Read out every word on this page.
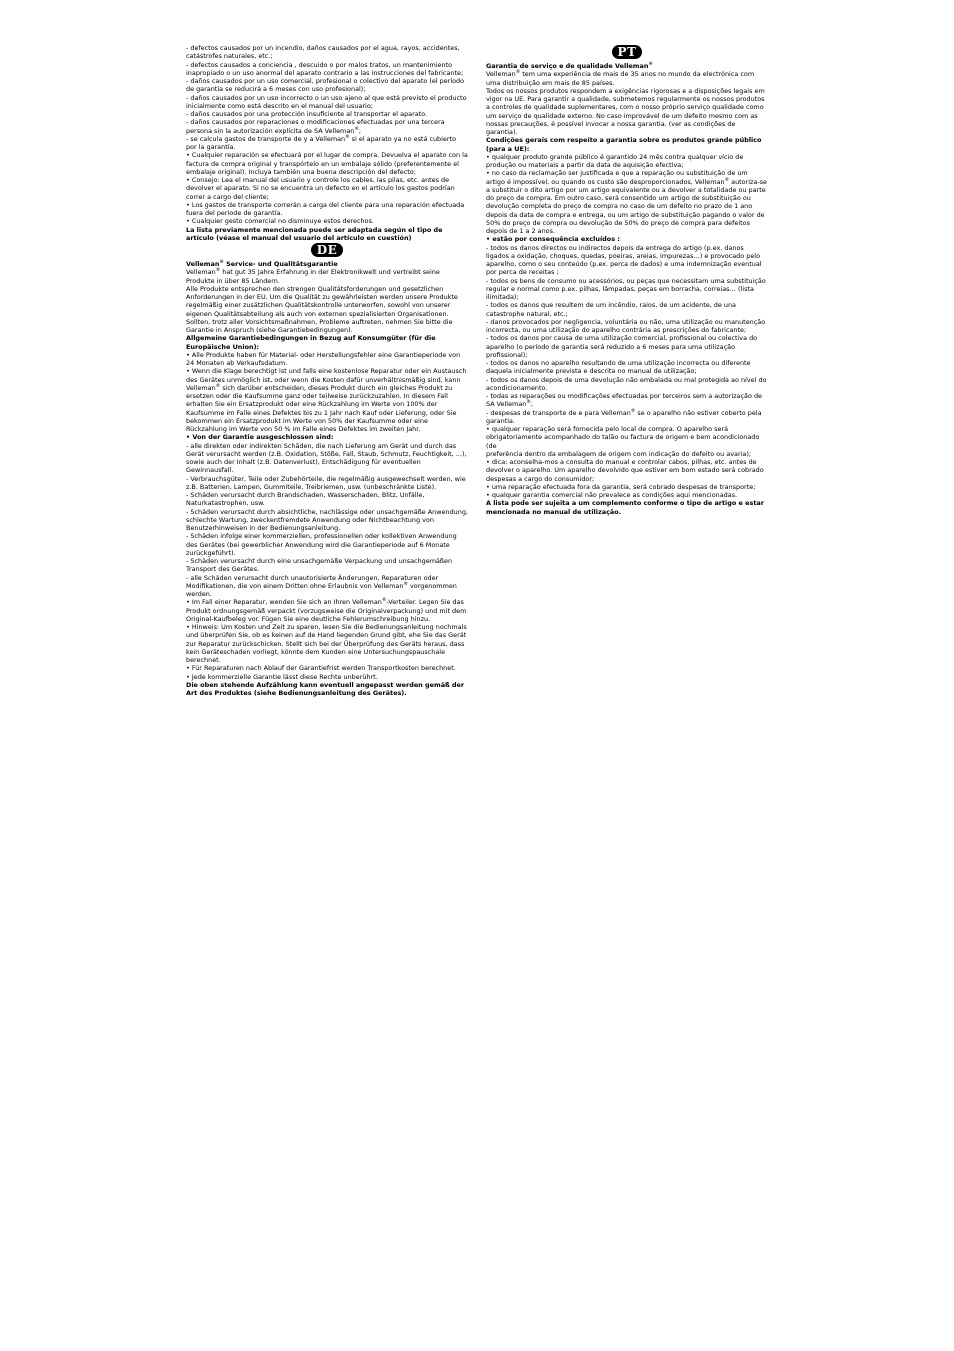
- defectos causados por un incendio, daños causados por el agua, rayos, accidentes, catástrofes naturales, etc.;

- defectos causados a conciencia , descuido o por malos tratos, un mantenimiento inapropiado o un uso anormal del aparato contrario a las instrucciones del fabricante;

- daños causados por un uso comercial, profesional o colectivo del aparato (el período de garantía se reducirá a 6 meses con uso profesional);

- daños causados por un uso incorrecto o un uso ajeno al que está previsto el producto inicialmente como está descrito en el manual del usuario;

- daños causados por una protección insuficiente al transportar el aparato.

- daños causados por reparaciones o modificaciones efectuadas por una tercera persona sin la autorización explícita de SA Velleman®;

- se calcula gastos de transporte de y a Velleman® si el aparato ya no está cubierto por la garantía.

• Cualquier reparación se efectuará por el lugar de compra. Devuelva el aparato con la factura de compra original y transpórtelo en un embalaje sólido (preferentemente el embalaje original). Incluya también una buena descripción del defecto;

• Consejo: Lea el manual del usuario y controle los cables, las pilas, etc. antes de devolver el aparato. Si no se encuentra un defecto en el artículo los gastos podrían correr a cargo del cliente;

• Los gastos de transporte correrán a carga del cliente para una reparación efectuada fuera del periode de garantía.

• Cualquier gesto comercial no disminuye estos derechos.

La lista previamente mencionada puede ser adaptada según el tipo de artículo (véase el manual del usuario del artículo en cuestión)

DE

Velleman® Service- und Qualitätsgarantie

Velleman® hat gut 35 Jahre Erfahrung in der Elektronikwelt und vertreibt seine Produkte in über 85 Ländern.

Alle Produkte entsprechen den strengen Qualitätsforderungen und gesetzlichen Anforderungen in der EU. Um die Qualität zu gewährleisten werden unsere Produkte regelmäßig einer zusätzlichen Qualitätskontrolle unterworfen, sowohl von unserer eigenen Qualitätsabteilung als auch von externen spezialisierten Organisationen. Sollten, trotz aller Vorsichtsmaßnahmen, Probleme auftreten, nehmen Sie bitte die Garantie in Anspruch (siehe Garantiebedingungen).

Allgemeine Garantiebedingungen in Bezug auf Konsumgüter (für die Europäische Union):

• Alle Produkte haben für Material- oder Herstellungsfehler eine Garantieperiode von 24 Monaten ab Verkaufsdatum.

• Wenn die Klage berechtigt ist und falls eine kostenlose Reparatur oder ein Austausch des Gerätes unmöglich ist, oder wenn die Kosten dafür unverhältnismäßig sind, kann Velleman® sich darüber entscheiden, dieses Produkt durch ein gleiches Produkt zu ersetzen oder die Kaufsumme ganz oder teilweise zurückzuzahlen. In diesem Fall erhalten Sie ein Ersatzprodukt oder eine Rückzahlung im Werte von 100% der Kaufsumme im Falle eines Defektes bis zu 1 Jahr nach Kauf oder Lieferung, oder Sie bekommen ein Ersatzprodukt im Werte von 50% der Kaufsumme oder eine Rückzahlung im Werte von 50 % im Falle eines Defektes im zweiten Jahr.

• Von der Garantie ausgeschlossen sind:

- alle direkten oder indirekten Schäden, die nach Lieferung am Gerät und durch das Gerät verursacht werden (z.B. Oxidation, Stöße, Fall, Staub, Schmutz, Feuchtigkeit, ...), sowie auch der Inhalt (z.B. Datenverlust), Entschädigung für eventuellen Gewinnausfall.

- Verbrauchsgüter, Teile oder Zubehörteile, die regelmäßig ausgewechselt werden, wie z.B. Batterien, Lampen, Gummiteile, Treibriemen, usw. (unbeschränkte Liste).

- Schäden verursacht durch Brandschaden, Wasserschaden, Blitz, Unfälle, Naturkatastrophen, usw.

- Schäden verursacht durch absichtliche, nachlässige oder unsachgemäße Anwendung, schlechte Wartung, zweckentfremdete Anwendung oder Nichtbeachtung von Benutzerhinweisen in der Bedienungsanleitung.

- Schäden infolge einer kommerziellen, professionellen oder kollektiven Anwendung des Gerätes (bei gewerblicher Anwendung wird die Garantieperiode auf 6 Monate zurückgeführt).

- Schäden verursacht durch eine unsachgemäße Verpackung und unsachgemäßen Transport des Gerätes.

- alle Schäden verursacht durch unautorisierte Änderungen, Reparaturen oder Modifikationen, die von einem Dritten ohne Erlaubnis von Velleman® vorgenommen werden.

• Im Fall einer Reparatur, wenden Sie sich an Ihren Velleman®-Verteiler. Legen Sie das Produkt ordnungsgemäß verpackt (vorzugsweise die Originalverpackung) und mit dem Original-Kaufbeleg vor. Fügen Sie eine deutliche Fehlerumschreibung hinzu.

• Hinweis: Um Kosten und Zeit zu sparen, lesen Sie die Bedienungsanleitung nochmals und überprüfen Sie, ob es keinen auf de Hand liegenden Grund gibt, ehe Sie das Gerät zur Reparatur zurückschicken. Stellt sich bei der Überprüfung des Geräts heraus, dass kein Geräteschaden vorliegt, könnte dem Kunden eine Untersuchungspauschale berechnet.

• Für Reparaturen nach Ablauf der Garantiefrist werden Transportkosten berechnet.

• Jede kommerzielle Garantie lässt diese Rechte unberührt.

Die oben stehende Aufzählung kann eventuell angepasst werden gemäß der Art des Produktes (siehe Bedienungsanleitung des Gerätes).

PT

Garantia de serviço e de qualidade Velleman®

Velleman® tem uma experiência de mais de 35 anos no mundo da electrónica com uma distribuição em mais de 85 países.

Todos os nossos produtos respondem a exigências rigorosas e a disposições legais em vigor na UE. Para garantir a qualidade, submetemos regularmente os nossos produtos a controles de qualidade suplementares, com o nosso próprio serviço qualidade como um serviço de qualidade externo. No caso improvável de um defeito mesmo com as nossas precauções, é possível invocar a nossa garantia. (ver as condições de garantia).

Condições gerais com respeito a garantia sobre os produtos grande público (para a UE):

• qualquer produto grande público é garantido 24 mês contra qualquer vício de produção ou materiais a partir da data de aquisição efectiva;

• no caso da reclamação ser justificada e que a reparação ou substituição de um artigo é impossível, ou quando os custo são desproporcionados, Velleman® autoriza-se a substituir o dito artigo por um artigo equivalente ou a devolver a totalidade ou parte do preço de compra. Em outro caso, será consentido um artigo de substituição ou devolução completa do preço de compra no caso de um defeito no prazo de 1 ano depois da data de compra e entrega, ou um artigo de substituição pagando o valor de 50% do preço de compra ou devolução de 50% do preço de compra para defeitos depois de 1 a 2 anos.

• estão por consequência excluídos :

- todos os danos directos ou indirectos depois da entrega do artigo (p.ex. danos ligados a oxidação, choques, quedas, poeiras, areias, impurezas…) e provocado pelo aparelho, como o seu conteúdo (p.ex. perca de dados) e uma indemnização eventual por perca de receitas ;

- todos os bens de consumo ou acessórios, ou peças que necessitam uma substituição regular e normal como p.ex. pilhas, lâmpadas, peças em borracha, correias… (lista ilimitada);

- todos os danos que resultem de um incêndio, raios, de um acidente, de una catastrophe natural, etc.;

- danos provocados por negligencia, voluntária ou não, uma utilização ou manutenção incorrecta, ou uma utilização do aparelho contrária as prescrições do fabricante;

- todos os danos por causa de uma utilização comercial, profissional ou colectiva do aparelho (o período de garantia será reduzido a 6 meses para uma utilização profissional);

- todos os danos no aparelho resultando de uma utilização incorrecta ou diferente daquela inicialmente prevista e descrita no manual de utilização;

- todos os danos depois de uma devolução não embalada ou mal protegida ao nível do acondicionamento.

- todas as reparações ou modificações efectuadas por terceiros sem a autorização de SA Velleman®;

- despesas de transporte de e para Velleman® se o aparelho não estiver coberto pela garantia.

• qualquer reparação será fornecida pelo local de compra. O aparelho será obrigatoriamente acompanhado do talão ou factura de origem e bem acondicionado (de

preferência dentro da embalagem de origem com indicação do defeito ou avaria);

• dica: aconselha-mos a consulta do manual e controlar cabos, pilhas, etc. antes de

devolver o aparelho. Um aparelho devolvido que estiver em bom estado será cobrado despesas a cargo do consumidor;

• uma reparação efectuada fora da garantia, será cobrado despesas de transporte;

• qualquer garantia comercial não prevalece as condições aqui mencionadas.

A lista pode ser sujeita a um complemento conforme o tipo de artigo e estar mencionada no manual de utilização.
